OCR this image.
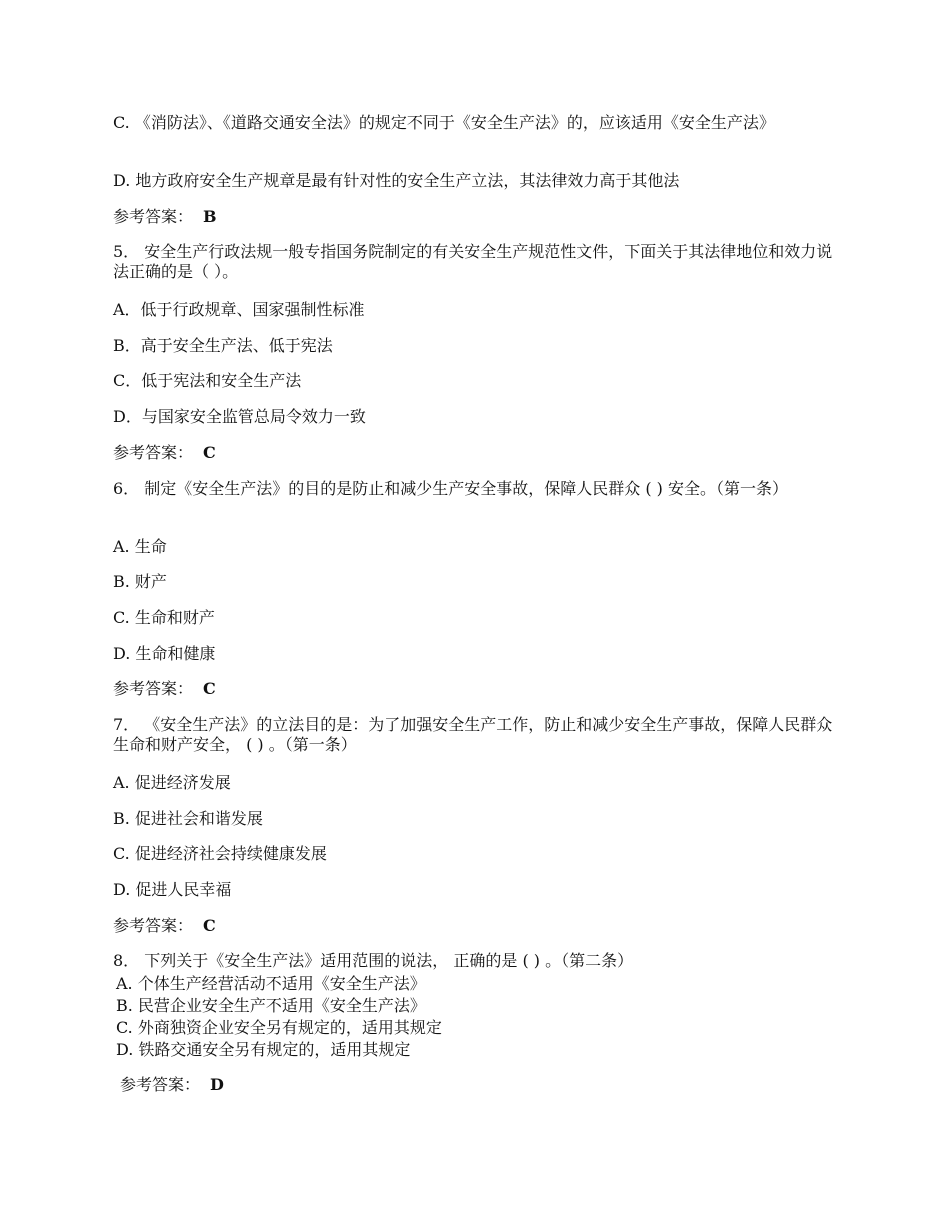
C. 《消防法》、《道路交通安全法》的规定不同于《安全生产法》的，应该适用《安全生产法》

D. 地方政府安全生产规章是最有针对性的安全生产立法，其法律效力高于其他法

参考答案： B

5． 安全生产行政法规一般专指国务院制定的有关安全生产规范性文件，下面关于其法律地位和效力说法正确的是（ ）。

A．低于行政规章、国家强制性标准

B．高于安全生产法、低于宪法

C．低于宪法和安全生产法

D．与国家安全监管总局令效力一致

参考答案： C

6． 制定《安全生产法》的目的是防止和减少生产安全事故，保障人民群众 ( ) 安全。（第一条）

A. 生命

B. 财产

C. 生命和财产

D. 生命和健康

参考答案： C

7． 《安全生产法》的立法目的是：为了加强安全生产工作，防止和减少安全生产事故，保障人民群众生命和财产安全， ( ) 。（第一条）

A. 促进经济发展

B. 促进社会和谐发展

C. 促进经济社会持续健康发展

D. 促进人民幸福

参考答案： C

8． 下列关于《安全生产法》适用范围的说法， 正确的是 ( ) 。（第二条）

A. 个体生产经营活动不适用《安全生产法》

B. 民营企业安全生产不适用《安全生产法》

C. 外商独资企业安全另有规定的，适用其规定

D. 铁路交通安全另有规定的，适用其规定

参考答案： D
